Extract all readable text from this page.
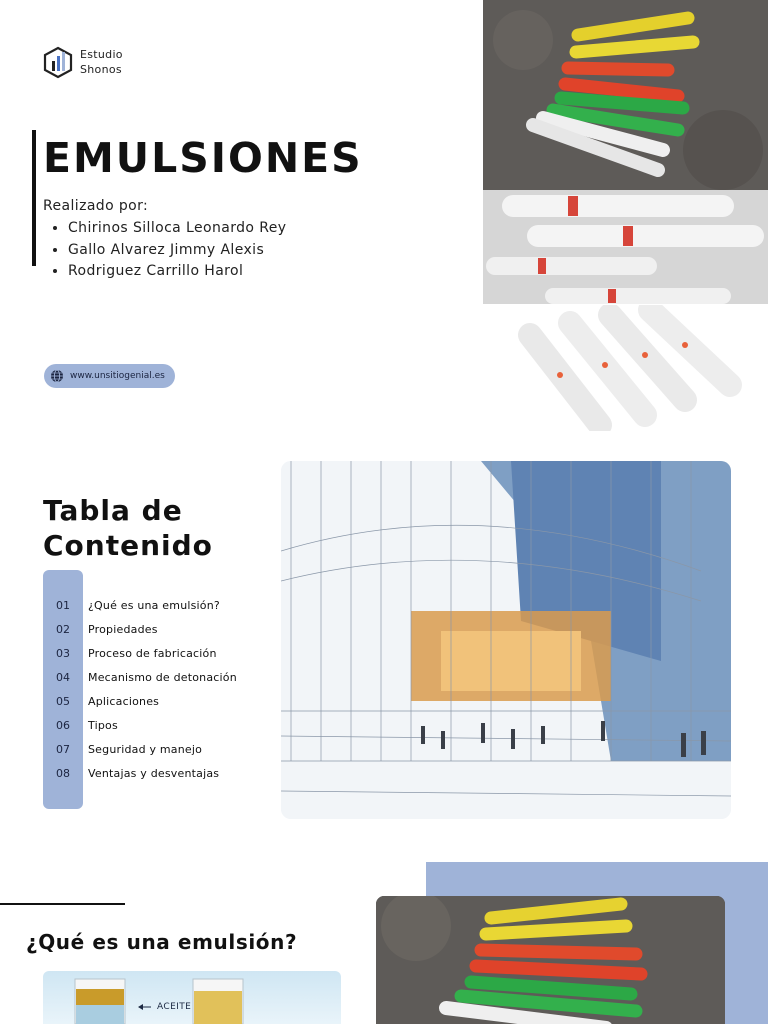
Estudio
Shonos
EMULSIONES
Realizado por:
• Chirinos Silloca Leonardo Rey
• Gallo Alvarez Jimmy Alexis
• Rodriguez Carrillo Harol
www.unsitiogenial.es
Tabla de
Contenido
01	¿Qué es una emulsión?
02	Propiedades
03	Proceso de fabricación
04	Mecanismo de detonación
05	Aplicaciones
06	Tipos
07	Seguridad y manejo
08	Ventajas y desventajas
¿Qué es una emulsión?
ACEITE
